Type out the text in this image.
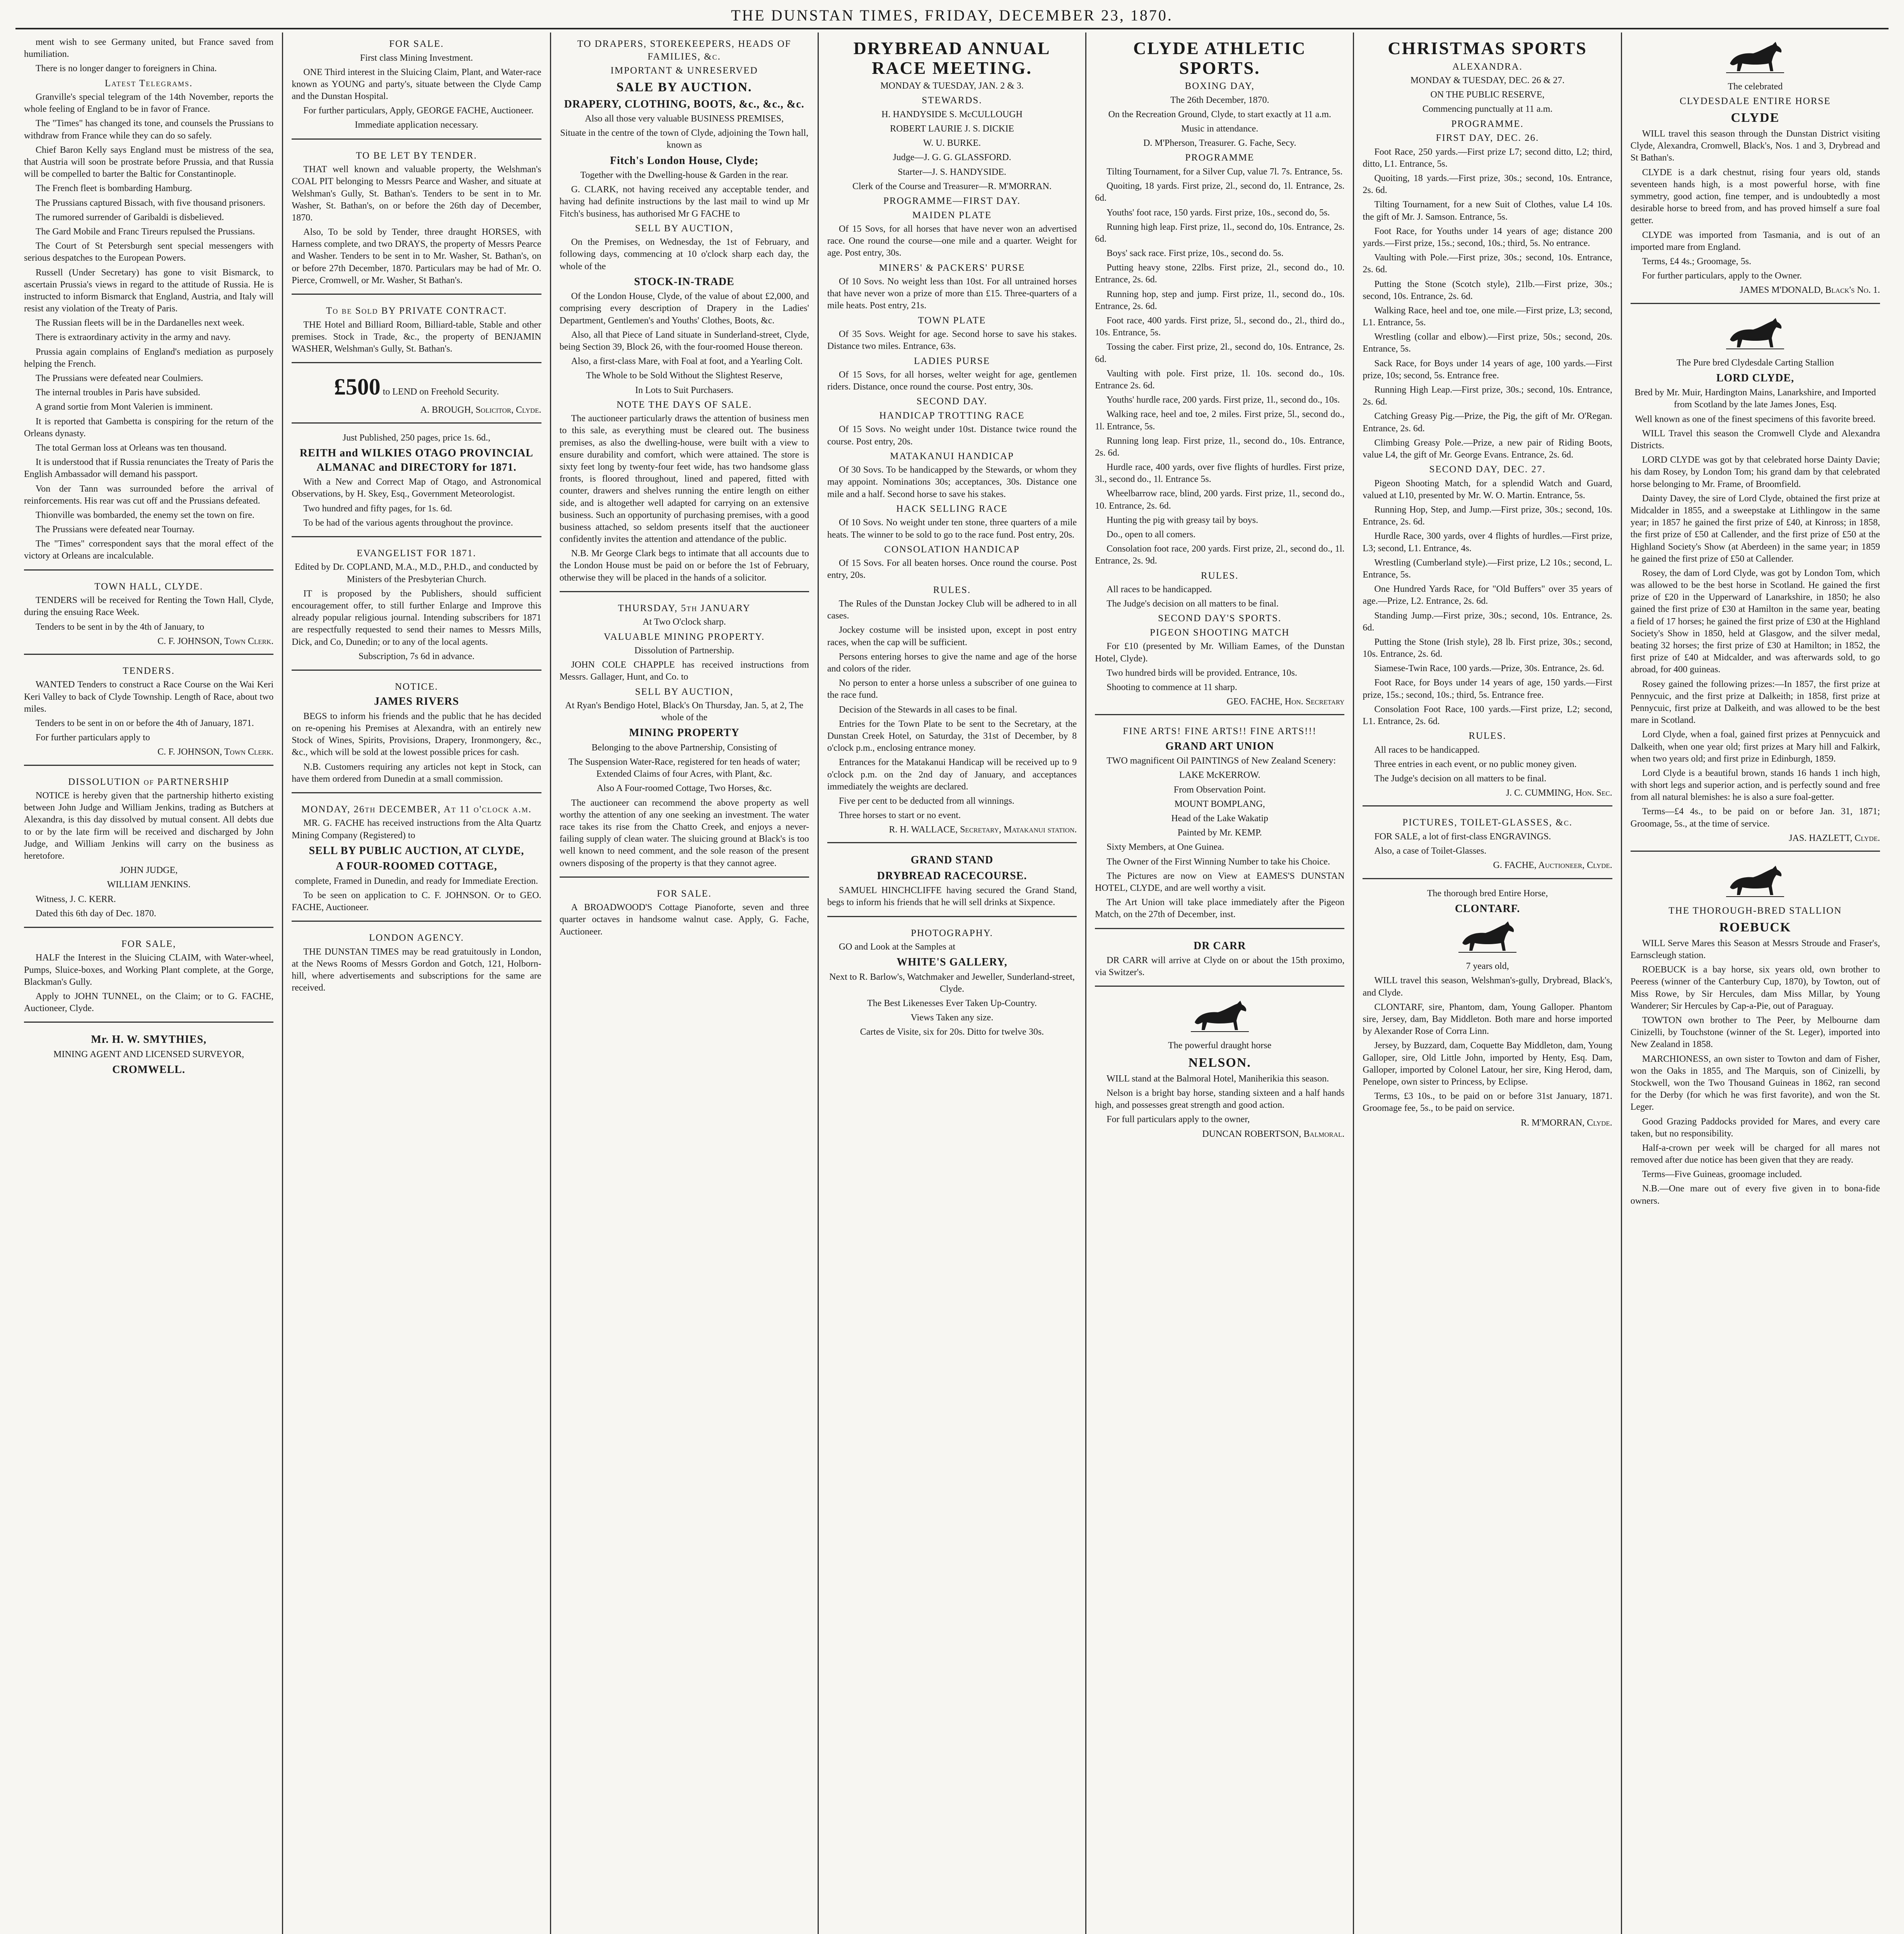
THE DUNSTAN TIMES, FRIDAY, DECEMBER 23, 1870.

ment wish to see Germany united, but France saved from humiliation.

There is no longer danger to foreigners in China.

Latest Telegrams.

Granville's special telegram of the 14th November, reports the whole feeling of England to be in favor of France.

The "Times" has changed its tone, and counsels the Prussians to withdraw from France while they can do so safely.

Chief Baron Kelly says England must be mistress of the sea, that Austria will soon be prostrate before Prussia, and that Russia will be compelled to barter the Baltic for Constantinople.

The French fleet is bombarding Hamburg.

The Prussians captured Bissach, with five thousand prisoners.

The rumored surrender of Garibaldi is disbelieved.

The Gard Mobile and Franc Tireurs repulsed the Prussians.

The Court of St Petersburgh sent special messengers with serious despatches to the European Powers.

Russell (Under Secretary) has gone to visit Bismarck, to ascertain Prussia's views in regard to the attitude of Russia. He is instructed to inform Bismarck that England, Austria, and Italy will resist any violation of the Treaty of Paris.

The Russian fleets will be in the Dardanelles next week.

There is extraordinary activity in the army and navy.

Prussia again complains of England's mediation as purposely helping the French.

The Prussians were defeated near Coulmiers.

The internal troubles in Paris have subsided.

A grand sortie from Mont Valerien is imminent.

It is reported that Gambetta is conspiring for the return of the Orleans dynasty.

The total German loss at Orleans was ten thousand.

It is understood that if Russia renunciates the Treaty of Paris the English Ambassador will demand his passport.

Von der Tann was surrounded before the arrival of reinforcements. His rear was cut off and the Prussians defeated.

Thionville was bombarded, the enemy set the town on fire.

The Prussians were defeated near Tournay.

The "Times" correspondent says that the moral effect of the victory at Orleans are incalculable.

TOWN HALL, CLYDE.

TENDERS will be received for Renting the Town Hall, Clyde, during the ensuing Race Week.

Tenders to be sent in by the 4th of January, to

C. F. JOHNSON, Town Clerk.
TENDERS.

WANTED Tenders to construct a Race Course on the Wai Keri Keri Valley to back of Clyde Township. Length of Race, about two miles.

Tenders to be sent in on or before the 4th of January, 1871.

For further particulars apply to

C. F. JOHNSON, Town Clerk.
DISSOLUTION of PARTNERSHIP

NOTICE is hereby given that the partnership hitherto existing between John Judge and William Jenkins, trading as Butchers at Alexandra, is this day dissolved by mutual consent. All debts due to or by the late firm will be received and discharged by John Judge, and William Jenkins will carry on the business as heretofore.

JOHN JUDGE,

WILLIAM JENKINS.

Witness, J. C. KERR.

Dated this 6th day of Dec. 1870.

FOR SALE,

HALF the Interest in the Sluicing CLAIM, with Water-wheel, Pumps, Sluice-boxes, and Working Plant complete, at the Gorge, Blackman's Gully.

Apply to JOHN TUNNEL, on the Claim; or to G. FACHE, Auctioneer, Clyde.

Mr. H. W. SMYTHIES,

MINING AGENT AND LICENSED SURVEYOR,

CROMWELL.
FOR SALE.

First class Mining Investment.

ONE Third interest in the Sluicing Claim, Plant, and Water-race known as YOUNG and party's, situate between the Clyde Camp and the Dunstan Hospital.

For further particulars, Apply, GEORGE FACHE, Auctioneer.

Immediate application necessary.

TO BE LET BY TENDER.

THAT well known and valuable property, the Welshman's COAL PIT belonging to Messrs Pearce and Washer, and situate at Welshman's Gully, St. Bathan's. Tenders to be sent in to Mr. Washer, St. Bathan's, on or before the 26th day of December, 1870.

Also, To be sold by Tender, three draught HORSES, with Harness complete, and two DRAYS, the property of Messrs Pearce and Washer. Tenders to be sent in to Mr. Washer, St. Bathan's, on or before 27th December, 1870. Particulars may be had of Mr. O. Pierce, Cromwell, or Mr. Washer, St Bathan's.

To be Sold BY PRIVATE CONTRACT.

THE Hotel and Billiard Room, Billiard-table, Stable and other premises. Stock in Trade, &c., the property of BENJAMIN WASHER, Welshman's Gully, St. Bathan's.

£500 to LEND on Freehold Security.

A. BROUGH, Solicitor, Clyde.

Just Published, 250 pages, price 1s. 6d.,

REITH and WILKIES OTAGO PROVINCIAL ALMANAC and DIRECTORY for 1871.

With a New and Correct Map of Otago, and Astronomical Observations, by H. Skey, Esq., Government Meteorologist.

Two hundred and fifty pages, for 1s. 6d.

To be had of the various agents throughout the province.

EVANGELIST FOR 1871.

Edited by Dr. COPLAND, M.A., M.D., P.H.D., and conducted by Ministers of the Presbyterian Church.

IT is proposed by the Publishers, should sufficient encouragement offer, to still further Enlarge and Improve this already popular religious journal. Intending subscribers for 1871 are respectfully requested to send their names to Messrs Mills, Dick, and Co, Dunedin; or to any of the local agents.

Subscription, 7s 6d in advance.

NOTICE.
JAMES RIVERS

BEGS to inform his friends and the public that he has decided on re-opening his Premises at Alexandra, with an entirely new Stock of Wines, Spirits, Provisions, Drapery, Ironmongery, &c., &c., which will be sold at the lowest possible prices for cash.

N.B. Customers requiring any articles not kept in Stock, can have them ordered from Dunedin at a small commission.

MONDAY, 26th DECEMBER, At 11 o'clock a.m.

MR. G. FACHE has received instructions from the Alta Quartz Mining Company (Registered) to

SELL BY PUBLIC AUCTION, AT CLYDE,
A FOUR-ROOMED COTTAGE,

complete, Framed in Dunedin, and ready for Immediate Erection.

To be seen on application to C. F. JOHNSON. Or to GEO. FACHE, Auctioneer.

LONDON AGENCY.

THE DUNSTAN TIMES may be read gratuitously in London, at the News Rooms of Messrs Gordon and Gotch, 121, Holborn-hill, where advertisements and subscriptions for the same are received.

TO DRAPERS, STOREKEEPERS, HEADS OF FAMILIES, &c.
IMPORTANT & UNRESERVED
SALE BY AUCTION.
DRAPERY, CLOTHING, BOOTS, &c., &c., &c.

Also all those very valuable BUSINESS PREMISES,

Situate in the centre of the town of Clyde, adjoining the Town hall, known as

Fitch's London House, Clyde;

Together with the Dwelling-house & Garden in the rear.

G. CLARK, not having received any acceptable tender, and having had definite instructions by the last mail to wind up Mr Fitch's business, has authorised Mr G FACHE to

SELL BY AUCTION,

On the Premises, on Wednesday, the 1st of February, and following days, commencing at 10 o'clock sharp each day, the whole of the

STOCK-IN-TRADE

Of the London House, Clyde, of the value of about £2,000, and comprising every description of Drapery in the Ladies' Department, Gentlemen's and Youths' Clothes, Boots, &c.

Also, all that Piece of Land situate in Sunderland-street, Clyde, being Section 39, Block 26, with the four-roomed House thereon.

Also, a first-class Mare, with Foal at foot, and a Yearling Colt.

The Whole to be Sold Without the Slightest Reserve,

In Lots to Suit Purchasers.

NOTE THE DAYS OF SALE.

The auctioneer particularly draws the attention of business men to this sale, as everything must be cleared out. The business premises, as also the dwelling-house, were built with a view to ensure durability and comfort, which were attained. The store is sixty feet long by twenty-four feet wide, has two handsome glass fronts, is floored throughout, lined and papered, fitted with counter, drawers and shelves running the entire length on either side, and is altogether well adapted for carrying on an extensive business. Such an opportunity of purchasing premises, with a good business attached, so seldom presents itself that the auctioneer confidently invites the attention and attendance of the public.

N.B. Mr George Clark begs to intimate that all accounts due to the London House must be paid on or before the 1st of February, otherwise they will be placed in the hands of a solicitor.

THURSDAY, 5th JANUARY

At Two O'clock sharp.

VALUABLE MINING PROPERTY.

Dissolution of Partnership.

JOHN COLE CHAPPLE has received instructions from Messrs. Gallager, Hunt, and Co. to

SELL BY AUCTION,

At Ryan's Bendigo Hotel, Black's On Thursday, Jan. 5, at 2, The whole of the

MINING PROPERTY

Belonging to the above Partnership, Consisting of

The Suspension Water-Race, registered for ten heads of water; Extended Claims of four Acres, with Plant, &c.

Also A Four-roomed Cottage, Two Horses, &c.

The auctioneer can recommend the above property as well worthy the attention of any one seeking an investment. The water race takes its rise from the Chatto Creek, and enjoys a never-failing supply of clean water. The sluicing ground at Black's is too well known to need comment, and the sole reason of the present owners disposing of the property is that they cannot agree.

FOR SALE.

A BROADWOOD'S Cottage Pianoforte, seven and three quarter octaves in handsome walnut case. Apply, G. Fache, Auctioneer.

DRYBREAD ANNUAL RACE MEETING.

MONDAY & TUESDAY, JAN. 2 & 3.

STEWARDS.

H. HANDYSIDE S. McCULLOUGH

ROBERT LAURIE J. S. DICKIE

W. U. BURKE.

Judge—J. G. G. GLASSFORD.

Starter—J. S. HANDYSIDE.

Clerk of the Course and Treasurer—R. M'MORRAN.

PROGRAMME—FIRST DAY.
MAIDEN PLATE

Of 15 Sovs, for all horses that have never won an advertised race. One round the course—one mile and a quarter. Weight for age. Post entry, 30s.

MINERS' & PACKERS' PURSE

Of 10 Sovs. No weight less than 10st. For all untrained horses that have never won a prize of more than £15. Three-quarters of a mile heats. Post entry, 21s.

TOWN PLATE

Of 35 Sovs. Weight for age. Second horse to save his stakes. Distance two miles. Entrance, 63s.

LADIES PURSE

Of 15 Sovs, for all horses, welter weight for age, gentlemen riders. Distance, once round the course. Post entry, 30s.

SECOND DAY.
HANDICAP TROTTING RACE

Of 15 Sovs. No weight under 10st. Distance twice round the course. Post entry, 20s.

MATAKANUI HANDICAP

Of 30 Sovs. To be handicapped by the Stewards, or whom they may appoint. Nominations 30s; acceptances, 30s. Distance one mile and a half. Second horse to save his stakes.

HACK SELLING RACE

Of 10 Sovs. No weight under ten stone, three quarters of a mile heats. The winner to be sold to go to the race fund. Post entry, 20s.

CONSOLATION HANDICAP

Of 15 Sovs. For all beaten horses. Once round the course. Post entry, 20s.

RULES.

The Rules of the Dunstan Jockey Club will be adhered to in all cases.

Jockey costume will be insisted upon, except in post entry races, when the cap will be sufficient.

Persons entering horses to give the name and age of the horse and colors of the rider.

No person to enter a horse unless a subscriber of one guinea to the race fund.

Decision of the Stewards in all cases to be final.

Entries for the Town Plate to be sent to the Secretary, at the Dunstan Creek Hotel, on Saturday, the 31st of December, by 8 o'clock p.m., enclosing entrance money.

Entrances for the Matakanui Handicap will be received up to 9 o'clock p.m. on the 2nd day of January, and acceptances immediately the weights are declared.

Five per cent to be deducted from all winnings.

Three horses to start or no event.

R. H. WALLACE, Secretary, Matakanui station.
GRAND STAND
DRYBREAD RACECOURSE.

SAMUEL HINCHCLIFFE having secured the Grand Stand, begs to inform his friends that he will sell drinks at Sixpence.

PHOTOGRAPHY.

GO and Look at the Samples at

WHITE'S GALLERY,

Next to R. Barlow's, Watchmaker and Jeweller, Sunderland-street, Clyde.

The Best Likenesses Ever Taken Up-Country.

Views Taken any size.

Cartes de Visite, six for 20s. Ditto for twelve 30s.

CLYDE ATHLETIC SPORTS.
BOXING DAY,

The 26th December, 1870.

On the Recreation Ground, Clyde, to start exactly at 11 a.m.

Music in attendance.

D. M'Pherson, Treasurer. G. Fache, Secy.

PROGRAMME

Tilting Tournament, for a Silver Cup, value 7l. 7s. Entrance, 5s.

Quoiting, 18 yards. First prize, 2l., second do, 1l. Entrance, 2s. 6d.

Youths' foot race, 150 yards. First prize, 10s., second do, 5s.

Running high leap. First prize, 1l., second do, 10s. Entrance, 2s. 6d.

Boys' sack race. First prize, 10s., second do. 5s.

Putting heavy stone, 22lbs. First prize, 2l., second do., 10. Entrance, 2s. 6d.

Running hop, step and jump. First prize, 1l., second do., 10s. Entrance, 2s. 6d.

Foot race, 400 yards. First prize, 5l., second do., 2l., third do., 10s. Entrance, 5s.

Tossing the caber. First prize, 2l., second do, 10s. Entrance, 2s. 6d.

Vaulting with pole. First prize, 1l. 10s. second do., 10s. Entrance 2s. 6d.

Youths' hurdle race, 200 yards. First prize, 1l., second do., 10s.

Walking race, heel and toe, 2 miles. First prize, 5l., second do., 1l. Entrance, 5s.

Running long leap. First prize, 1l., second do., 10s. Entrance, 2s. 6d.

Hurdle race, 400 yards, over five flights of hurdles. First prize, 3l., second do., 1l. Entrance 5s.

Wheelbarrow race, blind, 200 yards. First prize, 1l., second do., 10. Entrance, 2s. 6d.

Hunting the pig with greasy tail by boys.

Do., open to all comers.

Consolation foot race, 200 yards. First prize, 2l., second do., 1l. Entrance, 2s. 9d.

RULES.

All races to be handicapped.

The Judge's decision on all matters to be final.

SECOND DAY'S SPORTS.
PIGEON SHOOTING MATCH

For £10 (presented by Mr. William Eames, of the Dunstan Hotel, Clyde).

Two hundred birds will be provided. Entrance, 10s.

Shooting to commence at 11 sharp.

GEO. FACHE, Hon. Secretary
FINE ARTS! FINE ARTS!! FINE ARTS!!!
GRAND ART UNION

TWO magnificent Oil PAINTINGS of New Zealand Scenery:

LAKE McKERROW.

From Observation Point.

MOUNT BOMPLANG,

Head of the Lake Wakatip

Painted by Mr. KEMP.

Sixty Members, at One Guinea.

The Owner of the First Winning Number to take his Choice.

The Pictures are now on View at EAMES'S DUNSTAN HOTEL, CLYDE, and are well worthy a visit.

The Art Union will take place immediately after the Pigeon Match, on the 27th of December, inst.

DR CARR

DR CARR will arrive at Clyde on or about the 15th proximo, via Switzer's.

The powerful draught horse

NELSON.

WILL stand at the Balmoral Hotel, Maniherikia this season.

Nelson is a bright bay horse, standing sixteen and a half hands high, and possesses great strength and good action.

For full particulars apply to the owner,

DUNCAN ROBERTSON, Balmoral.
CHRISTMAS SPORTS
ALEXANDRA.

MONDAY & TUESDAY, DEC. 26 & 27.

ON THE PUBLIC RESERVE,

Commencing punctually at 11 a.m.

PROGRAMME.
FIRST DAY, DEC. 26.

Foot Race, 250 yards.—First prize L7; second ditto, L2; third, ditto, L1. Entrance, 5s.

Quoiting, 18 yards.—First prize, 30s.; second, 10s. Entrance, 2s. 6d.

Tilting Tournament, for a new Suit of Clothes, value L4 10s. the gift of Mr. J. Samson. Entrance, 5s.

Foot Race, for Youths under 14 years of age; distance 200 yards.—First prize, 15s.; second, 10s.; third, 5s. No entrance.

Vaulting with Pole.—First prize, 30s.; second, 10s. Entrance, 2s. 6d.

Putting the Stone (Scotch style), 21lb.—First prize, 30s.; second, 10s. Entrance, 2s. 6d.

Walking Race, heel and toe, one mile.—First prize, L3; second, L1. Entrance, 5s.

Wrestling (collar and elbow).—First prize, 50s.; second, 20s. Entrance, 5s.

Sack Race, for Boys under 14 years of age, 100 yards.—First prize, 10s; second, 5s. Entrance free.

Running High Leap.—First prize, 30s.; second, 10s. Entrance, 2s. 6d.

Catching Greasy Pig.—Prize, the Pig, the gift of Mr. O'Regan. Entrance, 2s. 6d.

Climbing Greasy Pole.—Prize, a new pair of Riding Boots, value L4, the gift of Mr. George Evans. Entrance, 2s. 6d.

SECOND DAY, DEC. 27.

Pigeon Shooting Match, for a splendid Watch and Guard, valued at L10, presented by Mr. W. O. Martin. Entrance, 5s.

Running Hop, Step, and Jump.—First prize, 30s.; second, 10s. Entrance, 2s. 6d.

Hurdle Race, 300 yards, over 4 flights of hurdles.—First prize, L3; second, L1. Entrance, 4s.

Wrestling (Cumberland style).—First prize, L2 10s.; second, L. Entrance, 5s.

One Hundred Yards Race, for "Old Buffers" over 35 years of age.—Prize, L2. Entrance, 2s. 6d.

Standing Jump.—First prize, 30s.; second, 10s. Entrance, 2s. 6d.

Putting the Stone (Irish style), 28 lb. First prize, 30s.; second, 10s. Entrance, 2s. 6d.

Siamese-Twin Race, 100 yards.—Prize, 30s. Entrance, 2s. 6d.

Foot Race, for Boys under 14 years of age, 150 yards.—First prize, 15s.; second, 10s.; third, 5s. Entrance free.

Consolation Foot Race, 100 yards.—First prize, L2; second, L1. Entrance, 2s. 6d.

RULES.

All races to be handicapped.

Three entries in each event, or no public money given.

The Judge's decision on all matters to be final.

J. C. CUMMING, Hon. Sec.
PICTURES, TOILET-GLASSES, &c.

FOR SALE, a lot of first-class ENGRAVINGS.

Also, a case of Toilet-Glasses.

G. FACHE, Auctioneer, Clyde.

The thorough bred Entire Horse,

CLONTARF.

7 years old,

WILL travel this season, Welshman's-gully, Drybread, Black's, and Clyde.

CLONTARF, sire, Phantom, dam, Young Galloper. Phantom sire, Jersey, dam, Bay Middleton. Both mare and horse imported by Alexander Rose of Corra Linn.

Jersey, by Buzzard, dam, Coquette Bay Middleton, dam, Young Galloper, sire, Old Little John, imported by Henty, Esq. Dam, Galloper, imported by Colonel Latour, her sire, King Herod, dam, Penelope, own sister to Princess, by Eclipse.

Terms, £3 10s., to be paid on or before 31st January, 1871. Groomage fee, 5s., to be paid on service.

R. M'MORRAN, Clyde.

The celebrated

CLYDESDALE ENTIRE HORSE
CLYDE

WILL travel this season through the Dunstan District visiting Clyde, Alexandra, Cromwell, Black's, Nos. 1 and 3, Drybread and St Bathan's.

CLYDE is a dark chestnut, rising four years old, stands seventeen hands high, is a most powerful horse, with fine symmetry, good action, fine temper, and is undoubtedly a most desirable horse to breed from, and has proved himself a sure foal getter.

CLYDE was imported from Tasmania, and is out of an imported mare from England.

Terms, £4 4s.; Groomage, 5s.

For further particulars, apply to the Owner.

JAMES M'DONALD, Black's No. 1.

The Pure bred Clydesdale Carting Stallion

LORD CLYDE,

Bred by Mr. Muir, Hardington Mains, Lanarkshire, and Imported from Scotland by the late James Jones, Esq.

Well known as one of the finest specimens of this favorite breed.

WILL Travel this season the Cromwell Clyde and Alexandra Districts.

LORD CLYDE was got by that celebrated horse Dainty Davie; his dam Rosey, by London Tom; his grand dam by that celebrated horse belonging to Mr. Frame, of Broomfield.

Dainty Davey, the sire of Lord Clyde, obtained the first prize at Midcalder in 1855, and a sweepstake at Lithlingow in the same year; in 1857 he gained the first prize of £40, at Kinross; in 1858, the first prize of £50 at Callender, and the first prize of £50 at the Highland Society's Show (at Aberdeen) in the same year; in 1859 he gained the first prize of £50 at Callender.

Rosey, the dam of Lord Clyde, was got by London Tom, which was allowed to be the best horse in Scotland. He gained the first prize of £20 in the Upperward of Lanarkshire, in 1850; he also gained the first prize of £30 at Hamilton in the same year, beating a field of 17 horses; he gained the first prize of £30 at the Highland Society's Show in 1850, held at Glasgow, and the silver medal, beating 32 horses; the first prize of £30 at Hamilton; in 1852, the first prize of £40 at Midcalder, and was afterwards sold, to go abroad, for 400 guineas.

Rosey gained the following prizes:—In 1857, the first prize at Pennycuic, and the first prize at Dalkeith; in 1858, first prize at Pennycuic, first prize at Dalkeith, and was allowed to be the best mare in Scotland.

Lord Clyde, when a foal, gained first prizes at Pennycuick and Dalkeith, when one year old; first prizes at Mary hill and Falkirk, when two years old; and first prize in Edinburgh, 1859.

Lord Clyde is a beautiful brown, stands 16 hands 1 inch high, with short legs and superior action, and is perfectly sound and free from all natural blemishes: he is also a sure foal-getter.

Terms—£4 4s., to be paid on or before Jan. 31, 1871; Groomage, 5s., at the time of service.

JAS. HAZLETT, Clyde.
THE THOROUGH-BRED STALLION
ROEBUCK

WILL Serve Mares this Season at Messrs Stroude and Fraser's, Earnscleugh station.

ROEBUCK is a bay horse, six years old, own brother to Peeress (winner of the Canterbury Cup, 1870), by Towton, out of Miss Rowe, by Sir Hercules, dam Miss Millar, by Young Wanderer; Sir Hercules by Cap-a-Pie, out of Paraguay.

TOWTON own brother to The Peer, by Melbourne dam Cinizelli, by Touchstone (winner of the St. Leger), imported into New Zealand in 1858.

MARCHIONESS, an own sister to Towton and dam of Fisher, won the Oaks in 1855, and The Marquis, son of Cinizelli, by Stockwell, won the Two Thousand Guineas in 1862, ran second for the Derby (for which he was first favorite), and won the St. Leger.

Good Grazing Paddocks provided for Mares, and every care taken, but no responsibility.

Half-a-crown per week will be charged for all mares not removed after due notice has been given that they are ready.

Terms—Five Guineas, groomage included.

N.B.—One mare out of every five given in to bona-fide owners.
